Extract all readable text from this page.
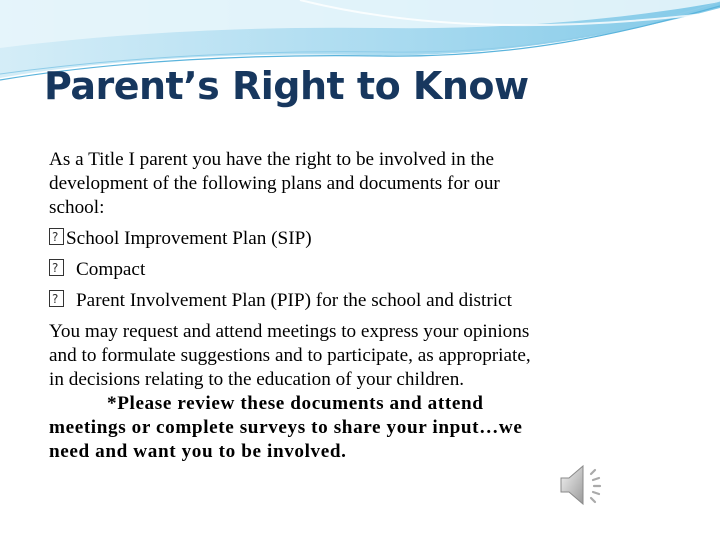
Parent’s Right to Know
As a Title I parent you have the right to be involved in the
development of the following plans and documents for our
school:
?School Improvement Plan (SIP)
?Compact
?Parent Involvement Plan (PIP) for the school and district
You may request and attend meetings to express your opinions
and to formulate suggestions and to participate, as appropriate,
in decisions relating to the education of your children.
*Please review these documents and attend
meetings or complete surveys to share your input…we
need and want you to be involved.
